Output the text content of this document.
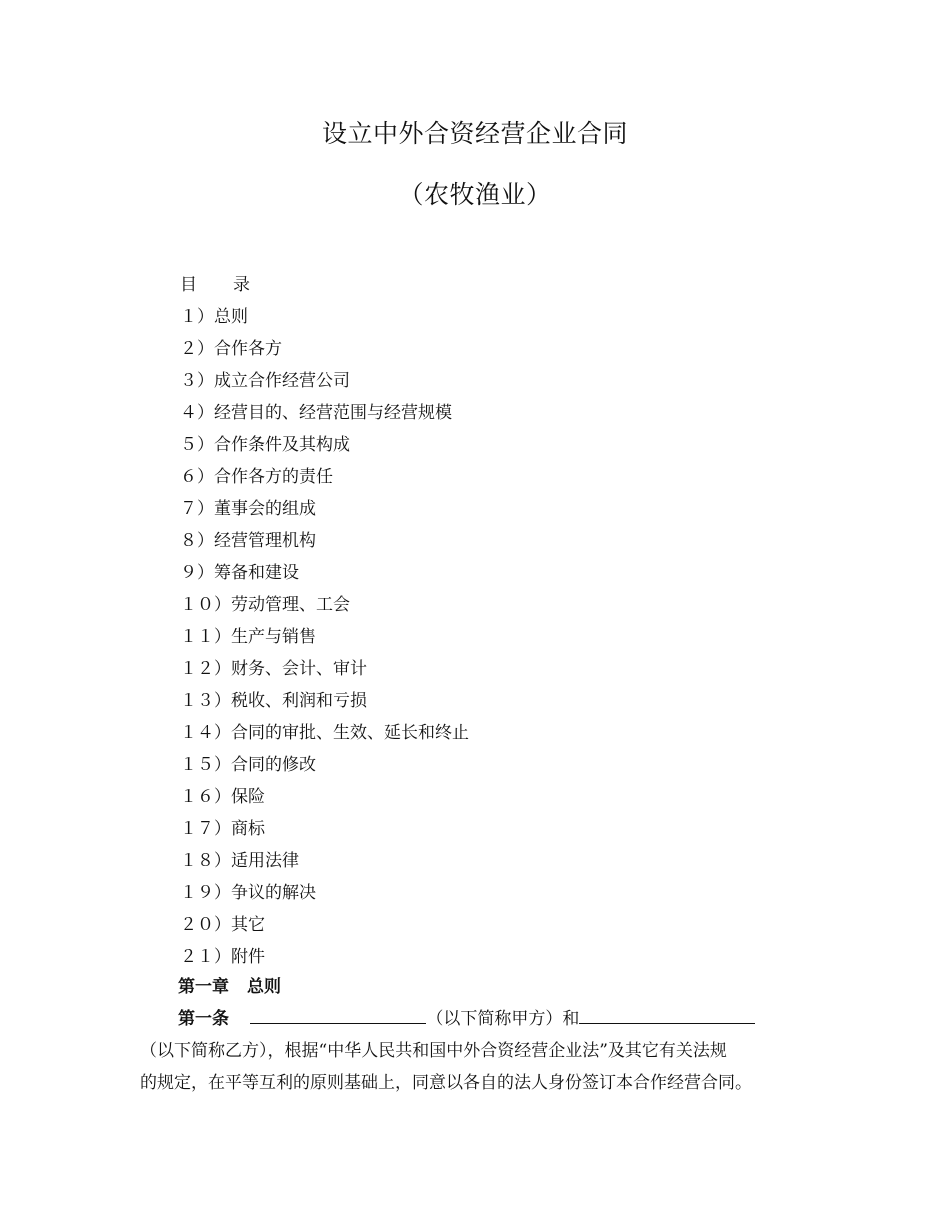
设立中外合资经营企业合同
（农牧渔业）
目 录
１）总则
２）合作各方
３）成立合作经营公司
４）经营目的、经营范围与经营规模
５）合作条件及其构成
６）合作各方的责任
７）董事会的组成
８）经营管理机构
９）筹备和建设
１０）劳动管理、工会
１１）生产与销售
１２）财务、会计、审计
１３）税收、利润和亏损
１４）合同的审批、生效、延长和终止
１５）合同的修改
１６）保险
１７）商标
１８）适用法律
１９）争议的解决
２０）其它
２１）附件
第一章 总则
第一条	（以下简称甲方）和
（以下简称乙方），根据“中华人民共和国中外合资经营企业法”及其它有关法规
的规定，在平等互利的原则基础上，同意以各自的法人身份签订本合作经营合同。
